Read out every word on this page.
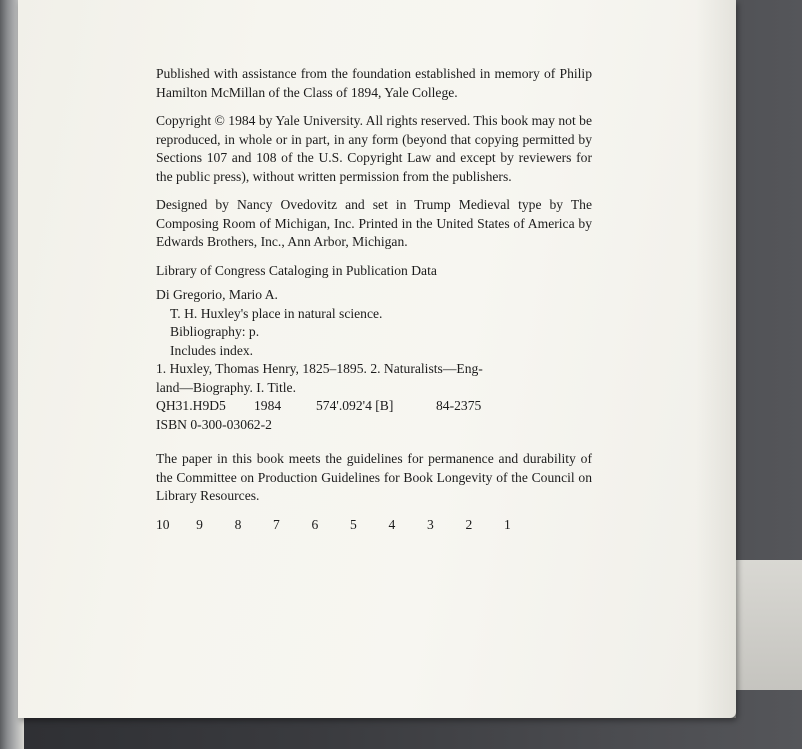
Published with assistance from the foundation established in memory of Philip Hamilton McMillan of the Class of 1894, Yale College.

Copyright © 1984 by Yale University. All rights reserved. This book may not be reproduced, in whole or in part, in any form (beyond that copying permitted by Sections 107 and 108 of the U.S. Copyright Law and except by reviewers for the public press), without written permission from the publishers.

Designed by Nancy Ovedovitz and set in Trump Medieval type by The Composing Room of Michigan, Inc. Printed in the United States of America by Edwards Brothers, Inc., Ann Arbor, Michigan.

Library of Congress Cataloging in Publication Data

Di Gregorio, Mario A.
T. H. Huxley's place in natural science.
Bibliography: p.
Includes index.
1. Huxley, Thomas Henry, 1825–1895. 2. Naturalists—Eng-
land—Biography. I. Title.
QH31.H9D5	1984	574'.092'4 [B]	84-2375
ISBN 0-300-03062-2

The paper in this book meets the guidelines for permanence and durability of the Committee on Production Guidelines for Book Longevity of the Council on Library Resources.

10 9	8	7	6	5	4	3	2	1
